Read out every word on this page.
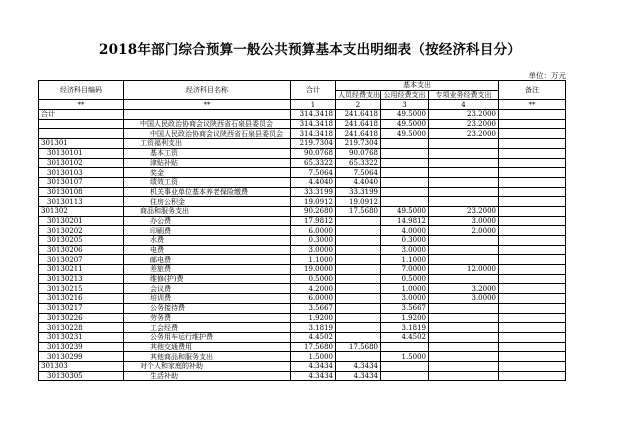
2018年部门综合预算一般公共预算基本支出明细表（按经济科目分）
单位：万元
经济科目编码	经济科目名称	合计	基本支出			备注
			人员经费支出	公用经费支出	专项业务经费支出	
**	**	1	2	3	4	**
合计		314.3418	241.6418	49.5000	23.2000	
	中国人民政治协商会议陕西省石泉县委员会	314.3418	241.6418	49.5000	23.2000	
	中国人民政治协商会议陕西省石泉县委员会	314.3418	241.6418	49.5000	23.2000	
301301	工资福利支出	219.7304	219.7304			
30130101	基本工资	90.0768	90.0768			
30130102	津贴补贴	65.3322	65.3322			
30130103	奖金	7.5064	7.5064			
30130107	绩效工资	4.4040	4.4040			
30130108	机关事业单位基本养老保险缴费	33.3199	33.3199			
30130113	住房公积金	19.0912	19.0912			
301302	商品和服务支出	90.2680	17.5680	49.5000	23.2000	
30130201	办公费	17.9812		14.9812	3.0000	
30130202	印刷费	6.0000		4.0000	2.0000	
30130205	水费	0.3000		0.3000		
30130206	电费	3.0000		3.0000		
30130207	邮电费	1.1000		1.1000		
30130211	差旅费	19.0000		7.0000	12.0000	
30130213	维修(护)费	0.5000		0.5000		
30130215	会议费	4.2000		1.0000	3.2000	
30130216	培训费	6.0000		3.0000	3.0000	
30130217	公务接待费	3.5667		3.5667		
30130226	劳务费	1.9200		1.9200		
30130228	工会经费	3.1819		3.1819		
30130231	公务用车运行维护费	4.4502		4.4502		
30130239	其他交通费用	17.5680	17.5680			
30130299	其他商品和服务支出	1.5000		1.5000		
301303	对个人和家庭的补助	4.3434	4.3434			
30130305	生活补助	4.3434	4.3434			
